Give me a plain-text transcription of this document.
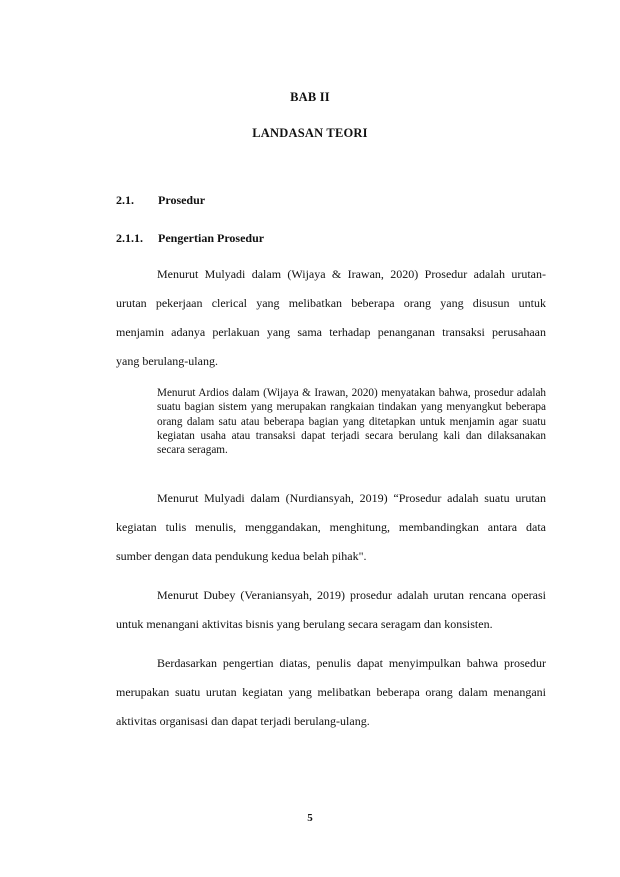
BAB II
LANDASAN TEORI
2.1. Prosedur
2.1.1. Pengertian Prosedur
Menurut Mulyadi dalam (Wijaya & Irawan, 2020) Prosedur adalah urutan-
urutan pekerjaan clerical yang melibatkan beberapa orang yang disusun untuk
menjamin adanya perlakuan yang sama terhadap penanganan transaksi perusahaan
yang berulang-ulang.

Menurut Ardios dalam (Wijaya & Irawan, 2020) menyatakan bahwa, prosedur adalah suatu bagian sistem yang merupakan rangkaian tindakan yang menyangkut beberapa orang dalam satu atau beberapa bagian yang ditetapkan untuk menjamin agar suatu kegiatan usaha atau transaksi dapat terjadi secara berulang kali dan dilaksanakan secara seragam.

Menurut Mulyadi dalam (Nurdiansyah, 2019) “Prosedur adalah suatu urutan
kegiatan tulis menulis, menggandakan, menghitung, membandingkan antara data
sumber dengan data pendukung kedua belah pihak".
Menurut Dubey (Veraniansyah, 2019) prosedur adalah urutan rencana operasi
untuk menangani aktivitas bisnis yang berulang secara seragam dan konsisten.
Berdasarkan pengertian diatas, penulis dapat menyimpulkan bahwa prosedur
merupakan suatu urutan kegiatan yang melibatkan beberapa orang dalam menangani
aktivitas organisasi dan dapat terjadi berulang-ulang.
5
